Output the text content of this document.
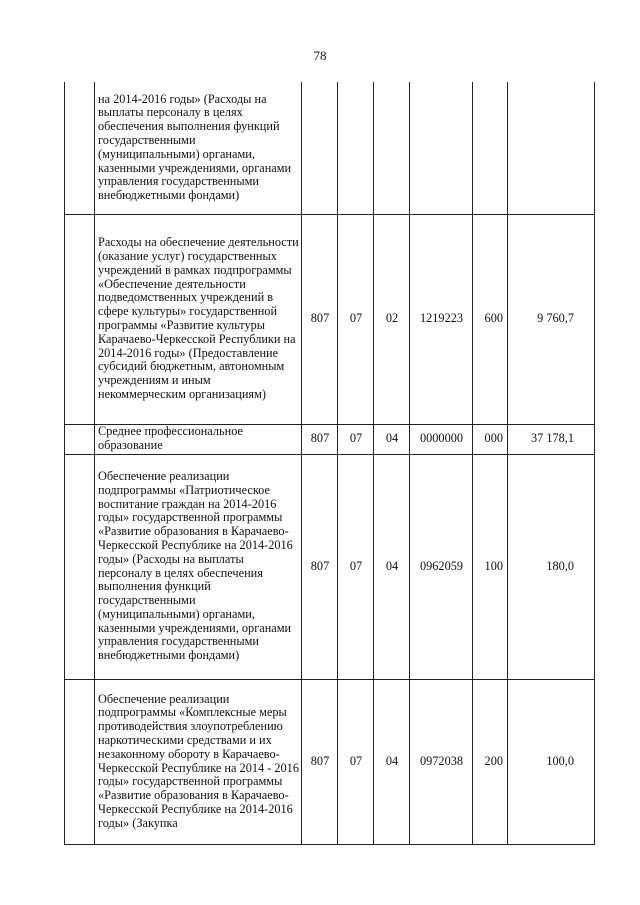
78
	на 2014-2016 годы» (Расходы на выплаты персоналу в целях обеспечения выполнения функций государственными (муниципальными) органами, казенными учреждениями, органами управления государственными внебюджетными фондами)						
	Расходы на обеспечение деятельности (оказание услуг) государственных учреждений в рамках подпрограммы «Обеспечение деятельности подведомственных учреждений в сфере культуры» государственной программы «Развитие культуры Карачаево-Черкесской Республики на 2014-2016 годы» (Предоставление субсидий бюджетным, автономным учреждениям и иным некоммерческим организациям)	807	07	02	1219223	600	9 760,7
	Среднее профессиональное образование	807	07	04	0000000	000	37 178,1
	Обеспечение реализации подпрограммы «Патриотическое воспитание граждан на 2014-2016 годы» государственной программы «Развитие образования в Карачаево-Черкесской Республике на 2014-2016 годы» (Расходы на выплаты персоналу в целях обеспечения выполнения функций государственными (муниципальными) органами, казенными учреждениями, органами управления государственными внебюджетными фондами)	807	07	04	0962059	100	180,0
	Обеспечение реализации подпрограммы «Комплексные меры противодействия злоупотреблению наркотическими средствами и их незаконному обороту в Карачаево-Черкесской Республике на 2014 - 2016 годы» государственной программы «Развитие образования в Карачаево-Черкесской Республике на 2014-2016 годы» (Закупка	807	07	04	0972038	200	100,0
